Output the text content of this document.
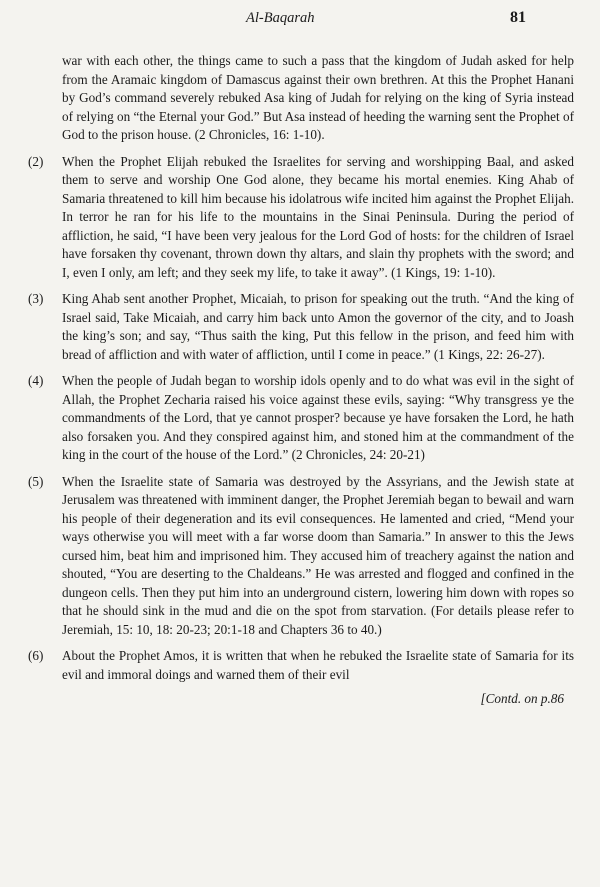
Al-Baqarah	81

war with each other, the things came to such a pass that the kingdom of Judah asked for help from the Aramaic kingdom of Damascus against their own brethren. At this the Prophet Hanani by God’s command severely rebuked Asa king of Judah for relying on the king of Syria instead of relying on “the Eternal your God.” But Asa instead of heeding the warning sent the Prophet of God to the prison house. (2 Chronicles, 16: 1-10).

(2)	When the Prophet Elijah rebuked the Israelites for serving and worshipping Baal, and asked them to serve and worship One God alone, they became his mortal enemies. King Ahab of Samaria threatened to kill him because his idolatrous wife incited him against the Prophet Elijah. In terror he ran for his life to the mountains in the Sinai Peninsula. During the period of affliction, he said, “I have been very jealous for the Lord God of hosts: for the children of Israel have forsaken thy covenant, thrown down thy altars, and slain thy prophets with the sword; and I, even I only, am left; and they seek my life, to take it away”. (1 Kings, 19: 1-10).

(3)	King Ahab sent another Prophet, Micaiah, to prison for speaking out the truth. “And the king of Israel said, Take Micaiah, and carry him back unto Amon the governor of the city, and to Joash the king’s son; and say, “Thus saith the king, Put this fellow in the prison, and feed him with bread of affliction and with water of affliction, until I come in peace.” (1 Kings, 22: 26-27).

(4)	When the people of Judah began to worship idols openly and to do what was evil in the sight of Allah, the Prophet Zecharia raised his voice against these evils, saying: “Why transgress ye the commandments of the Lord, that ye cannot prosper? because ye have forsaken the Lord, he hath also forsaken you. And they conspired against him, and stoned him at the commandment of the king in the court of the house of the Lord.” (2 Chronicles, 24: 20-21)

(5)	When the Israelite state of Samaria was destroyed by the Assyrians, and the Jewish state at Jerusalem was threatened with imminent danger, the Prophet Jeremiah began to bewail and warn his people of their degeneration and its evil consequences. He lamented and cried, “Mend your ways otherwise you will meet with a far worse doom than Samaria.” In answer to this the Jews cursed him, beat him and imprisoned him. They accused him of treachery against the nation and shouted, “You are deserting to the Chaldeans.” He was arrested and flogged and confined in the dungeon cells. Then they put him into an underground cistern, lowering him down with ropes so that he should sink in the mud and die on the spot from starvation. (For details please refer to Jeremiah, 15: 10, 18: 20-23; 20:1-18 and Chapters 36 to 40.)

(6)	About the Prophet Amos, it is written that when he rebuked the Israelite state of Samaria for its evil and immoral doings and warned them of their evil

[Contd. on p.86
